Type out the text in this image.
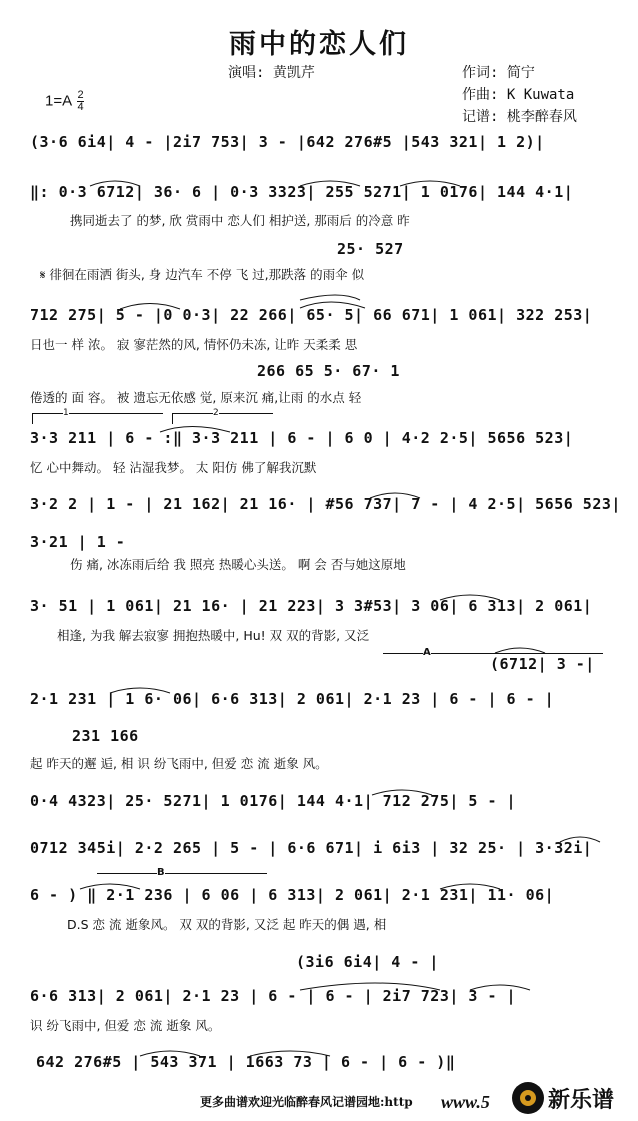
雨中的恋人们
演唱: 黄凯芹	作词: 简宁
作曲: K Kuwata
记谱: 桃李醉春风
$1=A \frac{2}{4}$
(3·6 6i4| 4 - |2i7 753| 3 - |642 276#5 |543 321| 1 2)|
‖: 0·3 6712| 36· 6 | 0·3 3323| 255 5271| 1 0176| 144 4·1|
携同逝去了 的梦, 欣 赏雨中 恋人们 相护送, 那雨后 的冷意 昨
25· 527
𝄋 徘徊在雨洒 街头, 身 边汽车 不停 飞 过,那跌落 的雨伞 似
712 275| 5 - |0 0·3| 22 266| 65· 5| 66 671| 1 061| 322 253|
日也一 样 浓。 寂 寥茫然的风, 情怀仍未冻, 让昨 天柔柔 思
266 65 5· 67· 1
倦透的 面 容。 被 遗忘无依感 觉, 原来沉 痛,让雨 的水点 轻
1	2
3·3 211 | 6 - :‖ 3·3 211 | 6 - | 6 0 | 4·2 2·5| 5656 523|
忆 心中舞动。 轻 沾湿我梦。 太 阳仿 佛了解我沉默
3·2 2 | 1 - | 21 162| 21 16· | #56 737| 7 - | 4 2·5| 5656 523|
3·21 | 1 -
伤 痛, 冰冻雨后给 我 照亮 热暖心头送。 啊 会 否与她这原地
3· 51 | 1 061| 21 16· | 21 223| 3 3#53| 3 06| 6 313| 2 061|
相逢, 为我 解去寂寥 拥抱热暖中, Hu! 双 双的背影, 又泛
A
(6712| 3 -|
2·1 231 | 1 6· 06| 6·6 313| 2 061| 2·1 23 | 6 - | 6 - |
231 166
起 昨天的邂 逅, 相 识 纷飞雨中, 但爱 恋 流 逝象 风。
0·4 4323| 25· 5271| 1 0176| 144 4·1| 712 275| 5 - |
0712 345i| 2·2 265 | 5 - | 6·6 671| i 6i3 | 32 25· | 3·32i|
B
6 - ) ‖ 2·1 236 | 6 06 | 6 313| 2 061| 2·1 231| 11· 06|
D.S 恋 流 逝象风。 双 双的背影, 又泛 起 昨天的偶 遇, 相
(3i6 6i4| 4 - |
6·6 313| 2 061| 2·1 23 | 6 - | 6 - | 2i7 723| 3 - |
识 纷飞雨中, 但爱 恋 流 逝象 风。
642 276#5 | 543 371 | 1663 73 | 6 - | 6 - )‖
更多曲谱欢迎光临醉春风记谱园地:http www.5	新乐谱
